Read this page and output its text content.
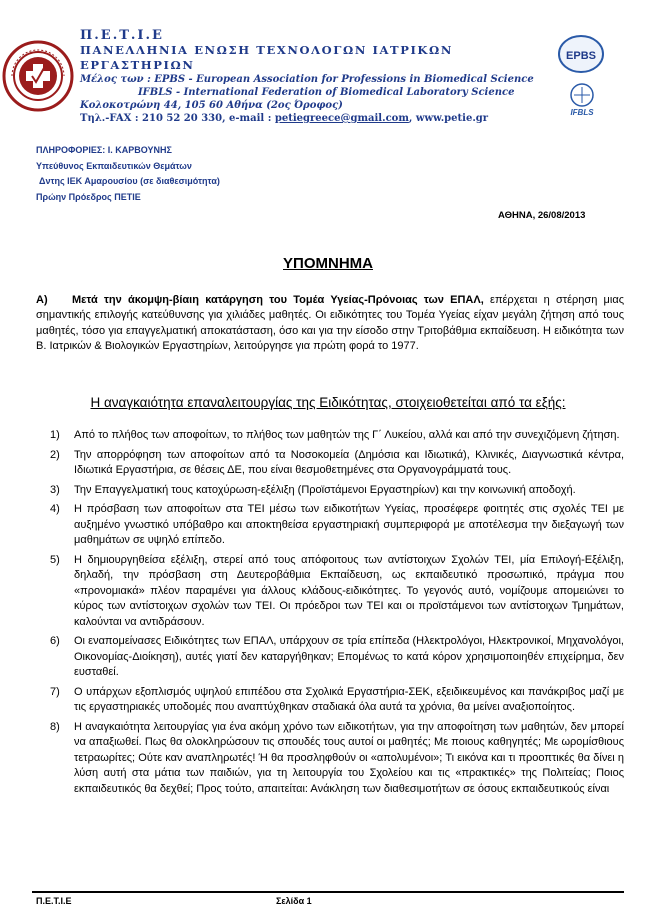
EPBS
IFBLS

Π.Ε.Τ.Ι.Ε

ΠΑΝΕΛΛΗΝΙΑ ΕΝΩΣΗ ΤΕΧΝΟΛΟΓΩΝ ΙΑΤΡΙΚΩΝ ΕΡΓΑΣΤΗΡΙΩΝ

Μέλος των : EPBS - European Association for Professions in Biomedical Science

IFBLS - International Federation of Biomedical Laboratory Science

Κολοκοτρώνη 44, 105 60 Αθήνα (2ος Όροφος)

Τηλ.-FAX : 210 52 20 330, e-mail : petiegreece@gmail.com, www.petie.gr

ΠΛΗΡΟΦΟΡΙΕΣ: Ι. ΚΑΡΒΟΥΝΗΣ
Υπεύθυνος Εκπαιδευτικών Θεμάτων
Δντης ΙΕΚ Αμαρουσίου (σε διαθεσιμότητα)
Πρώην Πρόεδρος ΠΕΤΙΕ
ΑΘΗΝΑ, 26/08/2013
ΥΠΟΜΝΗΜΑ
Α) Μετά την άκομψη-βίαιη κατάργηση του Τομέα Υγείας-Πρόνοιας των ΕΠΑΛ, επέρχεται η στέρηση μιας σημαντικής επιλογής κατεύθυνσης για χιλιάδες μαθητές. Οι ειδικότητες του Τομέα Υγείας είχαν μεγάλη ζήτηση από τους μαθητές, τόσο για επαγγελματική αποκατάσταση, όσο και για την είσοδο στην Τριτοβάθμια εκπαίδευση. Η ειδικότητα των Β. Ιατρικών & Βιολογικών Εργαστηρίων, λειτούργησε για πρώτη φορά το 1977.
Η αναγκαιότητα επαναλειτουργίας της Ειδικότητας, στοιχειοθετείται από τα εξής:
1) Από το πλήθος των αποφοίτων, το πλήθος των μαθητών της Γ΄ Λυκείου, αλλά και από την συνεχιζόμενη ζήτηση.
2) Την απορρόφηση των αποφοίτων από τα Νοσοκομεία (Δημόσια και Ιδιωτικά), Κλινικές, Διαγνωστικά κέντρα, Ιδιωτικά Εργαστήρια, σε θέσεις ΔΕ, που είναι θεσμοθετημένες στα Οργανογράμματά τους.
3) Την Επαγγελματική τους κατοχύρωση-εξέλιξη (Προϊστάμενοι Εργαστηρίων) και την κοινωνική αποδοχή.
4) Η πρόσβαση των αποφοίτων στα ΤΕΙ μέσω των ειδικοτήτων Υγείας, προσέφερε φοιτητές στις σχολές ΤΕΙ με αυξημένο γνωστικό υπόβαθρο και αποκτηθείσα εργαστηριακή συμπεριφορά με αποτέλεσμα την διεξαγωγή των μαθημάτων σε υψηλό επίπεδο.
5) Η δημιουργηθείσα εξέλιξη, στερεί από τους απόφοιτους των αντίστοιχων Σχολών ΤΕΙ, μία Επιλογή-Εξέλιξη, δηλαδή, την πρόσβαση στη Δευτεροβάθμια Εκπαίδευση, ως εκπαιδευτικό προσωπικό, πράγμα που «προνομιακά» πλέον παραμένει για άλλους κλάδους-ειδικότητες. Το γεγονός αυτό, νομίζουμε απομειώνει το κύρος των αντίστοιχων σχολών των ΤΕΙ. Οι πρόεδροι των ΤΕΙ και οι προϊστάμενοι των αντίστοιχων Τμημάτων, καλούνται να αντιδράσουν.
6) Οι εναπομείνασες Ειδικότητες των ΕΠΑΛ, υπάρχουν σε τρία επίπεδα (Ηλεκτρολόγοι, Ηλεκτρονικοί, Μηχανολόγοι, Οικονομίας-Διοίκηση), αυτές γιατί δεν καταργήθηκαν; Επομένως το κατά κόρον χρησιμοποιηθέν επιχείρημα, δεν ευσταθεί.
7) Ο υπάρχων εξοπλισμός υψηλού επιπέδου στα Σχολικά Εργαστήρια-ΣΕΚ, εξειδικευμένος και πανάκριβος μαζί με τις εργαστηριακές υποδομές που αναπτύχθηκαν σταδιακά όλα αυτά τα χρόνια, θα μείνει αναξιοποίητος.
8) Η αναγκαιότητα λειτουργίας για ένα ακόμη χρόνο των ειδικοτήτων, για την αποφοίτηση των μαθητών, δεν μπορεί να απαξιωθεί. Πως θα ολοκληρώσουν τις σπουδές τους αυτοί οι μαθητές; Με ποιους καθηγητές; Με ωρομίσθιους τετραωρίτες; Ούτε καν αναπληρωτές! Ή θα προσληφθούν οι «απολυμένοι»; Τι εικόνα και τι προοπτικές θα δίνει η λύση αυτή στα μάτια των παιδιών, για τη λειτουργία του Σχολείου και τις «πρακτικές» της Πολιτείας; Ποιος εκπαιδευτικός θα δεχθεί; Προς τούτο, απαιτείται: Ανάκληση των διαθεσιμοτήτων σε όσους εκπαιδευτικούς είναι
Π.Ε.Τ.Ι.Ε	Σελίδα 1
